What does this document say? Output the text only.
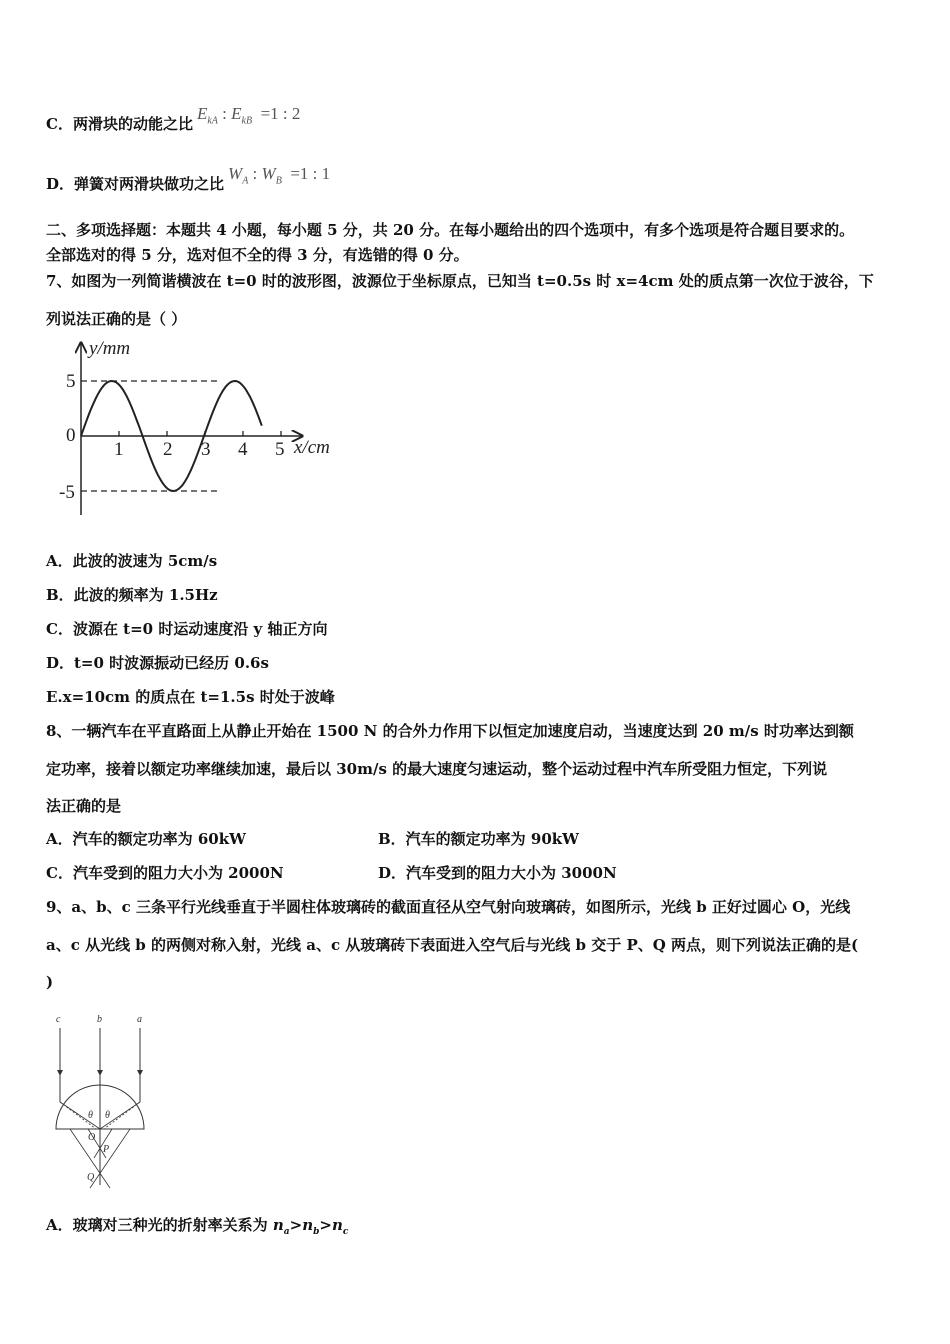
C．两滑块的动能之比$E_{kA}$ : $E_{kB} =1$ : 2
D．弹簧对两滑块做功之比$W_A$ : $W_B =1$ : 1
二、多项选择题：本题共 4 小题，每小题 5 分，共 20 分。在每小题给出的四个选项中，有多个选项是符合题目要求的。
全部选对的得 5 分，选对但不全的得 3 分，有选错的得 0 分。
7、如图为一列简谐横波在 t=0 时的波形图，波源位于坐标原点，已知当 t=0.5s 时 x=4cm 处的质点第一次位于波谷，下
列说法正确的是（ ）
y/mm
5
0
-5
1 2 3 4 5 x/cm
A．此波的波速为 5cm/s
B．此波的频率为 1.5Hz
C．波源在 t=0 时运动速度沿 y 轴正方向
D．t=0 时波源振动已经历 0.6s
E.x=10cm 的质点在 t=1.5s 时处于波峰
8、一辆汽车在平直路面上从静止开始在 1500 N 的合外力作用下以恒定加速度启动，当速度达到 20 m/s 时功率达到额
定功率，接着以额定功率继续加速，最后以 30m/s 的最大速度匀速运动，整个运动过程中汽车所受阻力恒定，下列说
法正确的是
A．汽车的额定功率为 60kW	B．汽车的额定功率为 90kW
C．汽车受到的阻力大小为 2000N	D．汽车受到的阻力大小为 3000N
9、a、b、c 三条平行光线垂直于半圆柱体玻璃砖的截面直径从空气射向玻璃砖，如图所示，光线 b 正好过圆心 O，光线
a、c 从光线 b 的两侧对称入射，光线 a、c 从玻璃砖下表面进入空气后与光线 b 交于 P、Q 两点，则下列说法正确的是(
)
c	b	a
θ θ
O
P
Q
A．玻璃对三种光的折射率关系为 $n_a>n_b>n_c$
